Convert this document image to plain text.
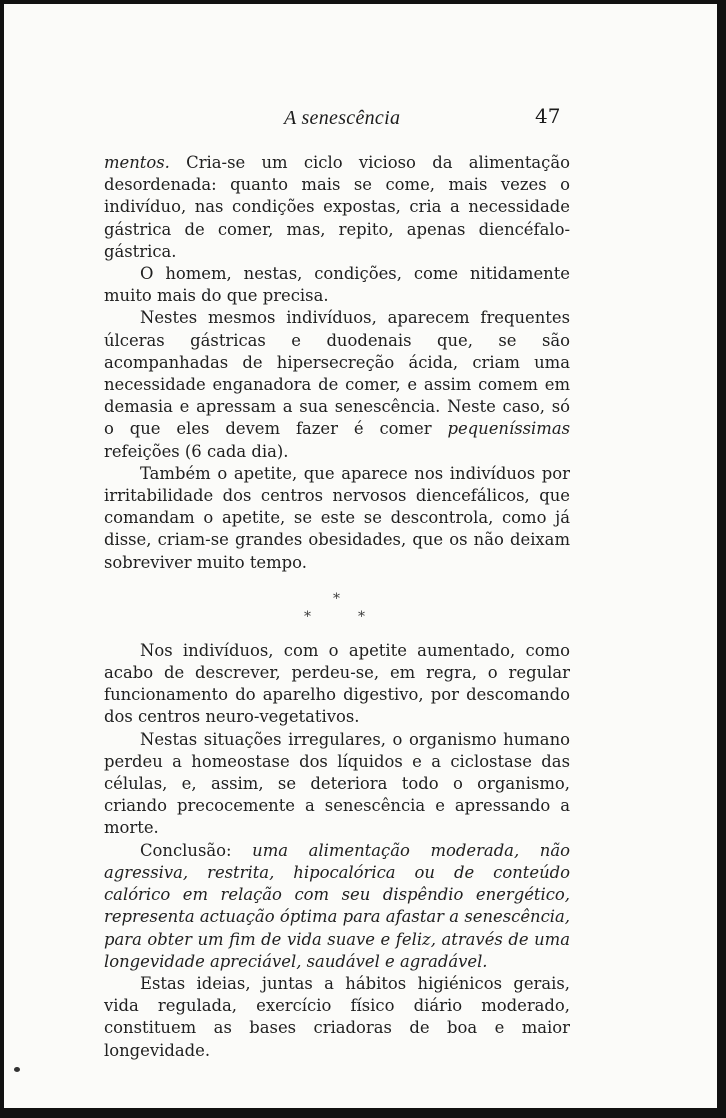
A senescência	47

mentos. Cria-se um ciclo vicioso da alimentação desordenada: quanto mais se come, mais vezes o indivíduo, nas condições expostas, cria a necessidade gástrica de comer, mas, repito, apenas diencéfalo-gástrica.

O homem, nestas, condições, come nitidamente muito mais do que precisa.

Nestes mesmos indivíduos, aparecem frequentes úlceras gástricas e duodenais que, se são acompanhadas de hipersecreção ácida, criam uma necessidade enganadora de comer, e assim comem em demasia e apressam a sua senescência. Neste caso, só o que eles devem fazer é comer pequeníssimas refeições (6 cada dia).

Também o apetite, que aparece nos indivíduos por irritabilidade dos centros nervosos diencefálicos, que comandam o apetite, se este se descontrola, como já disse, criam-se grandes obesidades, que os não deixam sobreviver muito tempo.

*
*	*

Nos indivíduos, com o apetite aumentado, como acabo de descrever, perdeu-se, em regra, o regular funcionamento do aparelho digestivo, por descomando dos centros neuro-vegetativos.

Nestas situações irregulares, o organismo humano perdeu a homeostase dos líquidos e a ciclostase das células, e, assim, se deteriora todo o organismo, criando precocemente a senescência e apressando a morte.

Conclusão: uma alimentação moderada, não agressiva, restrita, hipocalórica ou de conteúdo calórico em relação com seu dispêndio energético, representa actuação óptima para afastar a senescência, para obter um fim de vida suave e feliz, através de uma longevidade apreciável, saudável e agradável.

Estas ideias, juntas a hábitos higiénicos gerais, vida regulada, exercício físico diário moderado, constituem as bases criadoras de boa e maior longevidade.
